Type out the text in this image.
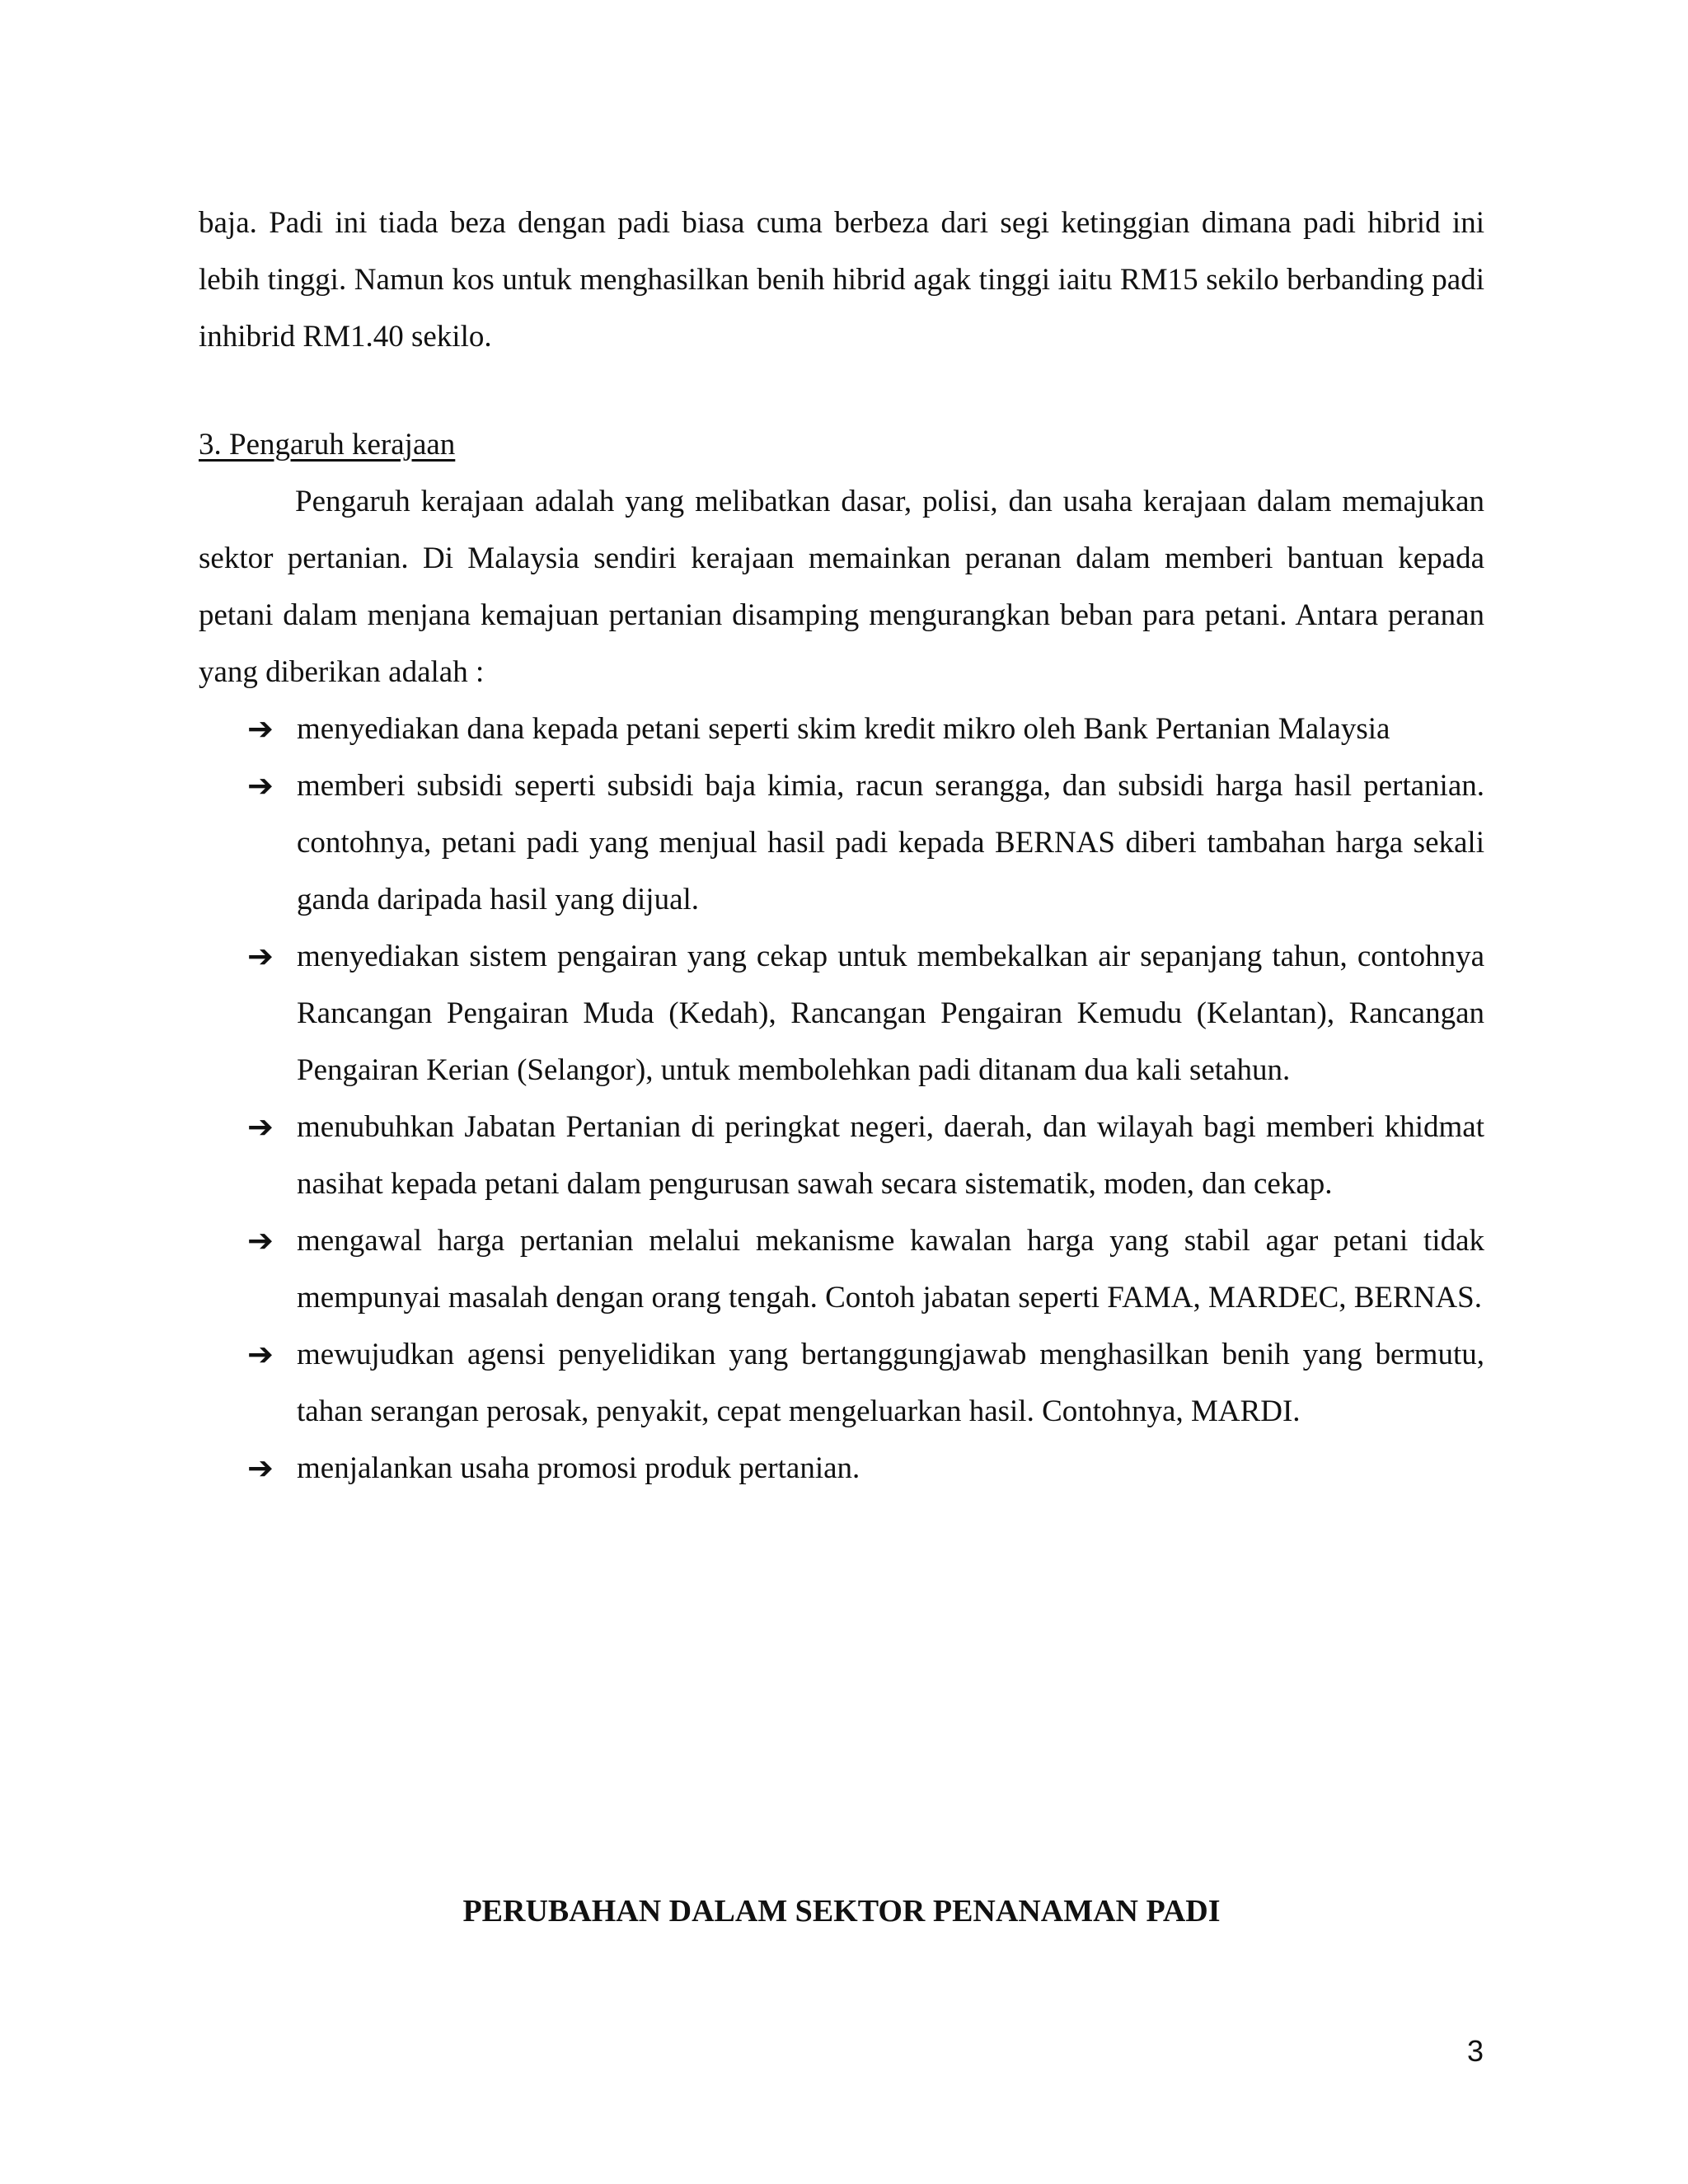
baja. Padi ini tiada beza dengan padi biasa cuma berbeza dari segi ketinggian dimana padi hibrid ini lebih tinggi. Namun kos untuk menghasilkan benih hibrid agak tinggi iaitu RM15 sekilo berbanding padi inhibrid RM1.40 sekilo.

3. Pengaruh kerajaan

Pengaruh kerajaan adalah yang melibatkan dasar, polisi, dan usaha kerajaan dalam memajukan sektor pertanian. Di Malaysia sendiri kerajaan memainkan peranan dalam memberi bantuan kepada petani dalam menjana kemajuan pertanian disamping mengurangkan beban para petani. Antara peranan yang diberikan adalah :

➔ menyediakan dana kepada petani seperti skim kredit mikro oleh Bank Pertanian Malaysia
➔ memberi subsidi seperti subsidi baja kimia, racun serangga, dan subsidi harga hasil pertanian. contohnya, petani padi yang menjual hasil padi kepada BERNAS diberi tambahan harga sekali ganda daripada hasil yang dijual.
➔ menyediakan sistem pengairan yang cekap untuk membekalkan air sepanjang tahun, contohnya Rancangan Pengairan Muda (Kedah), Rancangan Pengairan Kemudu (Kelantan), Rancangan Pengairan Kerian (Selangor), untuk membolehkan padi ditanam dua kali setahun.
➔ menubuhkan Jabatan Pertanian di peringkat negeri, daerah, dan wilayah bagi memberi khidmat nasihat kepada petani dalam pengurusan sawah secara sistematik, moden, dan cekap.
➔ mengawal harga pertanian melalui mekanisme kawalan harga yang stabil agar petani tidak mempunyai masalah dengan orang tengah. Contoh jabatan seperti FAMA, MARDEC, BERNAS.
➔ mewujudkan agensi penyelidikan yang bertanggungjawab menghasilkan benih yang bermutu, tahan serangan perosak, penyakit, cepat mengeluarkan hasil. Contohnya, MARDI.
➔ menjalankan usaha promosi produk pertanian.
PERUBAHAN DALAM SEKTOR PENANAMAN PADI
3
